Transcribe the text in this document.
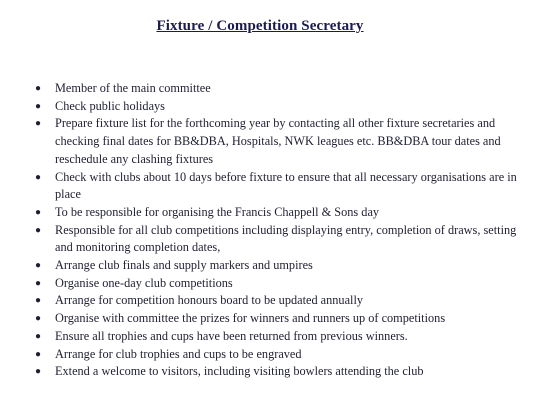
Fixture / Competition Secretary
● Member of the main committee
● Check public holidays
● Prepare fixture list for the forthcoming year by contacting all other fixture secretaries and checking final dates for BB&DBA, Hospitals, NWK leagues etc. BB&DBA tour dates and reschedule any clashing fixtures
● Check with clubs about 10 days before fixture to ensure that all necessary organisations are in place
● To be responsible for organising the Francis Chappell & Sons day
● Responsible for all club competitions including displaying entry, completion of draws, setting and monitoring completion dates,
● Arrange club finals and supply markers and umpires
● Organise one-day club competitions
● Arrange for competition honours board to be updated annually
● Organise with committee the prizes for winners and runners up of competitions
● Ensure all trophies and cups have been returned from previous winners.
● Arrange for club trophies and cups to be engraved
● Extend a welcome to visitors, including visiting bowlers attending the club
